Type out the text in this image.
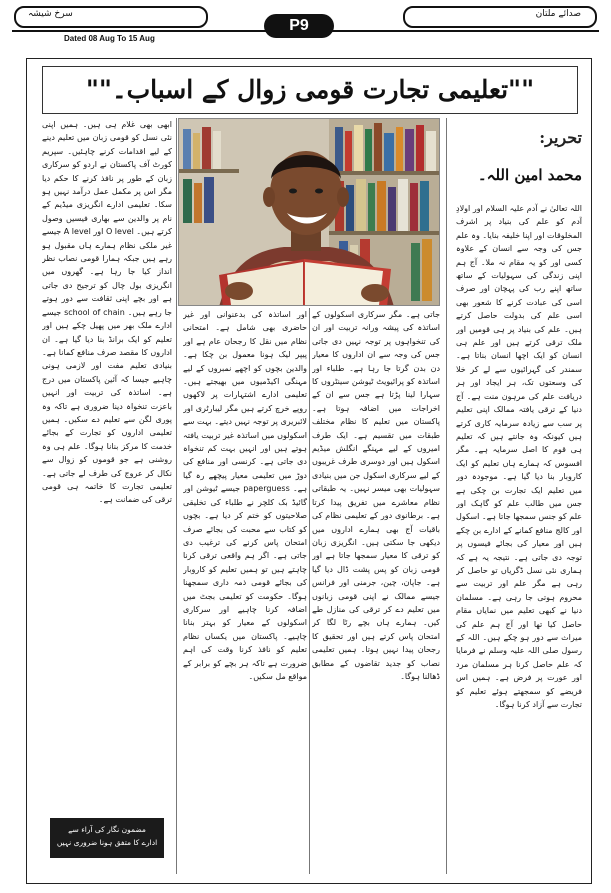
سرخ شیشہ	صدائے ملتان
P9
Dated 08 Aug To 15 Aug
""تعلیمی تجارت قومی زوال کے اسباب۔""
تحریر:
محمد امین اللہ۔
اللہ تعالیٰ نے آدم علیہ السلام اور اولادِ آدم کو علم کی بنیاد پر اشرف المخلوقات اور اپنا خلیفہ بنایا۔ وہ علم جس کی وجہ سے انسان کے علاوہ کسی اور کو یہ مقام نہ ملا۔ آج ہم اپنی زندگی کی سہولیات کے ساتھ ساتھ اپنے رب کی پہچان اور صرف اسی کی عبادت کرنے کا شعور بھی اسی علم کی بدولت حاصل کرتے ہیں۔ علم کی بنیاد پر ہی قومیں اور ملک ترقی کرتے ہیں اور علم ہی انسان کو ایک اچھا انسان بناتا ہے۔ سمندر کی گہرائیوں سے لے کر خلا کی وسعتوں تک، ہر ایجاد اور ہر دریافت علم کی مرہون منت ہے۔ آج دنیا کے ترقی یافتہ ممالک اپنی تعلیم پر سب سے زیادہ سرمایہ کاری کرتے ہیں کیونکہ وہ جانتے ہیں کہ تعلیم ہی قوم کا اصل سرمایہ ہے۔ مگر افسوس کہ ہمارے ہاں تعلیم کو ایک کاروبار بنا دیا گیا ہے۔ موجودہ دور میں تعلیم ایک تجارت بن چکی ہے جس میں طالب علم کو گاہک اور علم کو جنس سمجھا جاتا ہے۔ اسکول اور کالج منافع کمانے کے ادارے بن چکے ہیں اور معیار کی بجائے فیسوں پر توجہ دی جاتی ہے۔ نتیجہ یہ ہے کہ ہماری نئی نسل ڈگریاں تو حاصل کر رہی ہے مگر علم اور تربیت سے محروم ہوتی جا رہی ہے۔ مسلمان دنیا نے کبھی تعلیم میں نمایاں مقام حاصل کیا تھا اور آج ہم علم کی میراث سے دور ہو چکے ہیں۔ اللہ کے رسول صلی اللہ علیہ وسلم نے فرمایا کہ علم حاصل کرنا ہر مسلمان مرد اور عورت پر فرض ہے۔ ہمیں اس فریضے کو سمجھتے ہوئے تعلیم کو تجارت سے آزاد کرنا ہوگا۔
جاتی ہے۔ مگر سرکاری اسکولوں کے اساتذہ کی پیشہ ورانہ تربیت اور ان کی تنخواہوں پر توجہ نہیں دی جاتی جس کی وجہ سے ان اداروں کا معیار دن بدن گرتا جا رہا ہے۔ طلباء اور اساتذہ کو پرائیویٹ ٹیوشن سینٹروں کا سہارا لینا پڑتا ہے جس سے ان کے اخراجات میں اضافہ ہوتا ہے۔ پاکستان میں تعلیم کا نظام مختلف طبقات میں تقسیم ہے۔ ایک طرف امیروں کے لیے مہنگے انگلش میڈیم اسکول ہیں اور دوسری طرف غریبوں کے لیے سرکاری اسکول جن میں بنیادی سہولیات بھی میسر نہیں۔ یہ طبقاتی نظام معاشرے میں تفریق پیدا کرتا ہے۔ برطانوی دور کے تعلیمی نظام کی باقیات آج بھی ہمارے اداروں میں دیکھی جا سکتی ہیں۔ انگریزی زبان کو ترقی کا معیار سمجھا جاتا ہے اور قومی زبان کو پس پشت ڈال دیا گیا ہے۔ جاپان، چین، جرمنی اور فرانس جیسے ممالک نے اپنی قومی زبانوں میں تعلیم دے کر ترقی کی منازل طے کیں۔ ہمارے ہاں بچے رٹا لگا کر امتحان پاس کرتے ہیں اور تحقیق کا رجحان پیدا نہیں ہوتا۔ ہمیں تعلیمی نصاب کو جدید تقاضوں کے مطابق ڈھالنا ہوگا۔
اور اساتذہ کی بدعنوانی اور غیر حاضری بھی شامل ہے۔ امتحانی نظام میں نقل کا رجحان عام ہے اور پیپر لیک ہونا معمول بن چکا ہے۔ والدین بچوں کو اچھے نمبروں کے لیے مہنگی اکیڈمیوں میں بھیجتے ہیں۔ تعلیمی ادارے اشتہارات پر لاکھوں روپے خرچ کرتے ہیں مگر لیبارٹری اور لائبریری پر توجہ نہیں دیتے۔ بہت سے اسکولوں میں اساتذہ غیر تربیت یافتہ ہوتے ہیں اور انہیں بہت کم تنخواہ دی جاتی ہے۔ کرنسی اور منافع کی دوڑ میں تعلیمی معیار پیچھے رہ گیا ہے۔ paperguess جیسے ٹیوشن اور گائیڈ بک کلچر نے طلباء کی تخلیقی صلاحیتوں کو ختم کر دیا ہے۔ بچوں کو کتاب سے محبت کی بجائے صرف امتحان پاس کرنے کی ترغیب دی جاتی ہے۔ اگر ہم واقعی ترقی کرنا چاہتے ہیں تو ہمیں تعلیم کو کاروبار کی بجائے قومی ذمہ داری سمجھنا ہوگا۔ حکومت کو تعلیمی بجٹ میں اضافہ کرنا چاہیے اور سرکاری اسکولوں کے معیار کو بہتر بنانا چاہیے۔ پاکستان میں یکساں نظام تعلیم کو نافذ کرنا وقت کی اہم ضرورت ہے تاکہ ہر بچے کو برابر کے مواقع مل سکیں۔
ابھی بھی غلام ہی ہیں۔ ہمیں اپنی نئی نسل کو قومی زبان میں تعلیم دینے کے لیے اقدامات کرنے چاہئیں۔ سپریم کورٹ آف پاکستان نے اردو کو سرکاری زبان کے طور پر نافذ کرنے کا حکم دیا مگر اس پر مکمل عمل درآمد نہیں ہو سکا۔ تعلیمی ادارے انگریزی میڈیم کے نام پر والدین سے بھاری فیسیں وصول کرتے ہیں۔ O level اور A level جیسے غیر ملکی نظام ہمارے ہاں مقبول ہو رہے ہیں جبکہ ہمارا قومی نصاب نظر انداز کیا جا رہا ہے۔ گھروں میں انگریزی بول چال کو ترجیح دی جاتی ہے اور بچے اپنی ثقافت سے دور ہوتے جا رہے ہیں۔ school of chain جیسے ادارے ملک بھر میں پھیل چکے ہیں اور تعلیم کو ایک برانڈ بنا دیا گیا ہے۔ ان اداروں کا مقصد صرف منافع کمانا ہے۔ بنیادی تعلیم مفت اور لازمی ہونی چاہیے جیسا کہ آئین پاکستان میں درج ہے۔ اساتذہ کی تربیت اور انہیں باعزت تنخواہ دینا ضروری ہے تاکہ وہ پوری لگن سے تعلیم دے سکیں۔ ہمیں تعلیمی اداروں کو تجارت کے بجائے خدمت کا مرکز بنانا ہوگا۔ علم ہی وہ روشنی ہے جو قوموں کو زوال سے نکال کر عروج کی طرف لے جاتی ہے۔ تعلیمی تجارت کا خاتمہ ہی قومی ترقی کی ضمانت ہے۔
مضمون نگار کی آراء سے
ادارے کا متفق ہونا ضروری نہیں
